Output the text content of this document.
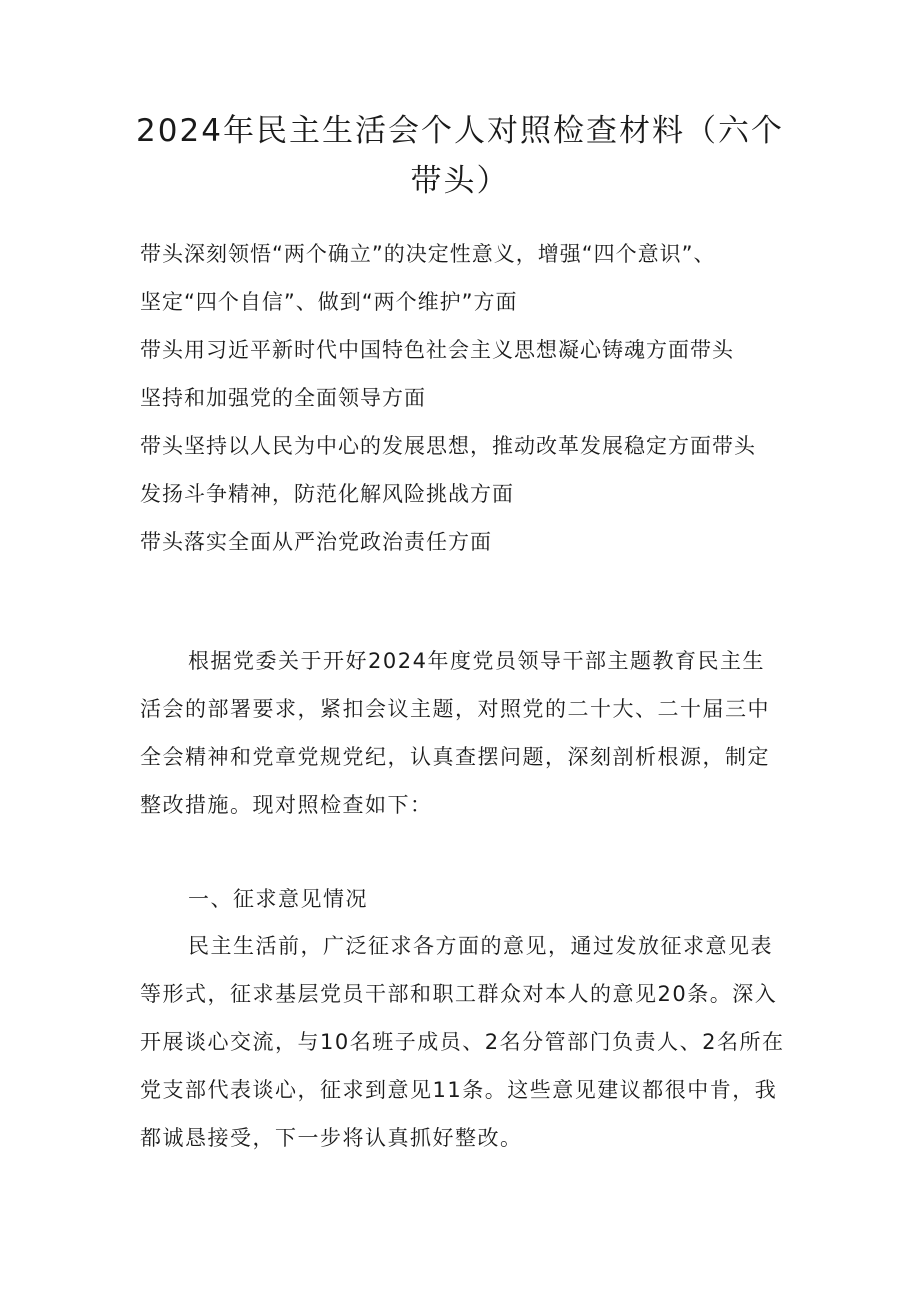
2024年民主生活会个人对照检查材料（六个
带头）
带头深刻领悟“两个确立”的决定性意义，增强“四个意识”、
坚定“四个自信”、做到“两个维护”方面
带头用习近平新时代中国特色社会主义思想凝心铸魂方面带头
坚持和加强党的全面领导方面
带头坚持以人民为中心的发展思想，推动改革发展稳定方面带头
发扬斗争精神，防范化解风险挑战方面
带头落实全面从严治党政治责任方面

根据党委关于开好2024年度党员领导干部主题教育民主生
活会的部署要求，紧扣会议主题，对照党的二十大、二十届三中
全会精神和党章党规党纪，认真查摆问题，深刻剖析根源，制定
整改措施。现对照检查如下：

一、征求意见情况

民主生活前，广泛征求各方面的意见，通过发放征求意见表
等形式，征求基层党员干部和职工群众对本人的意见20条。深入
开展谈心交流，与10名班子成员、2名分管部门负责人、2名所在
党支部代表谈心，征求到意见11条。这些意见建议都很中肯，我
都诚恳接受，下一步将认真抓好整改。
